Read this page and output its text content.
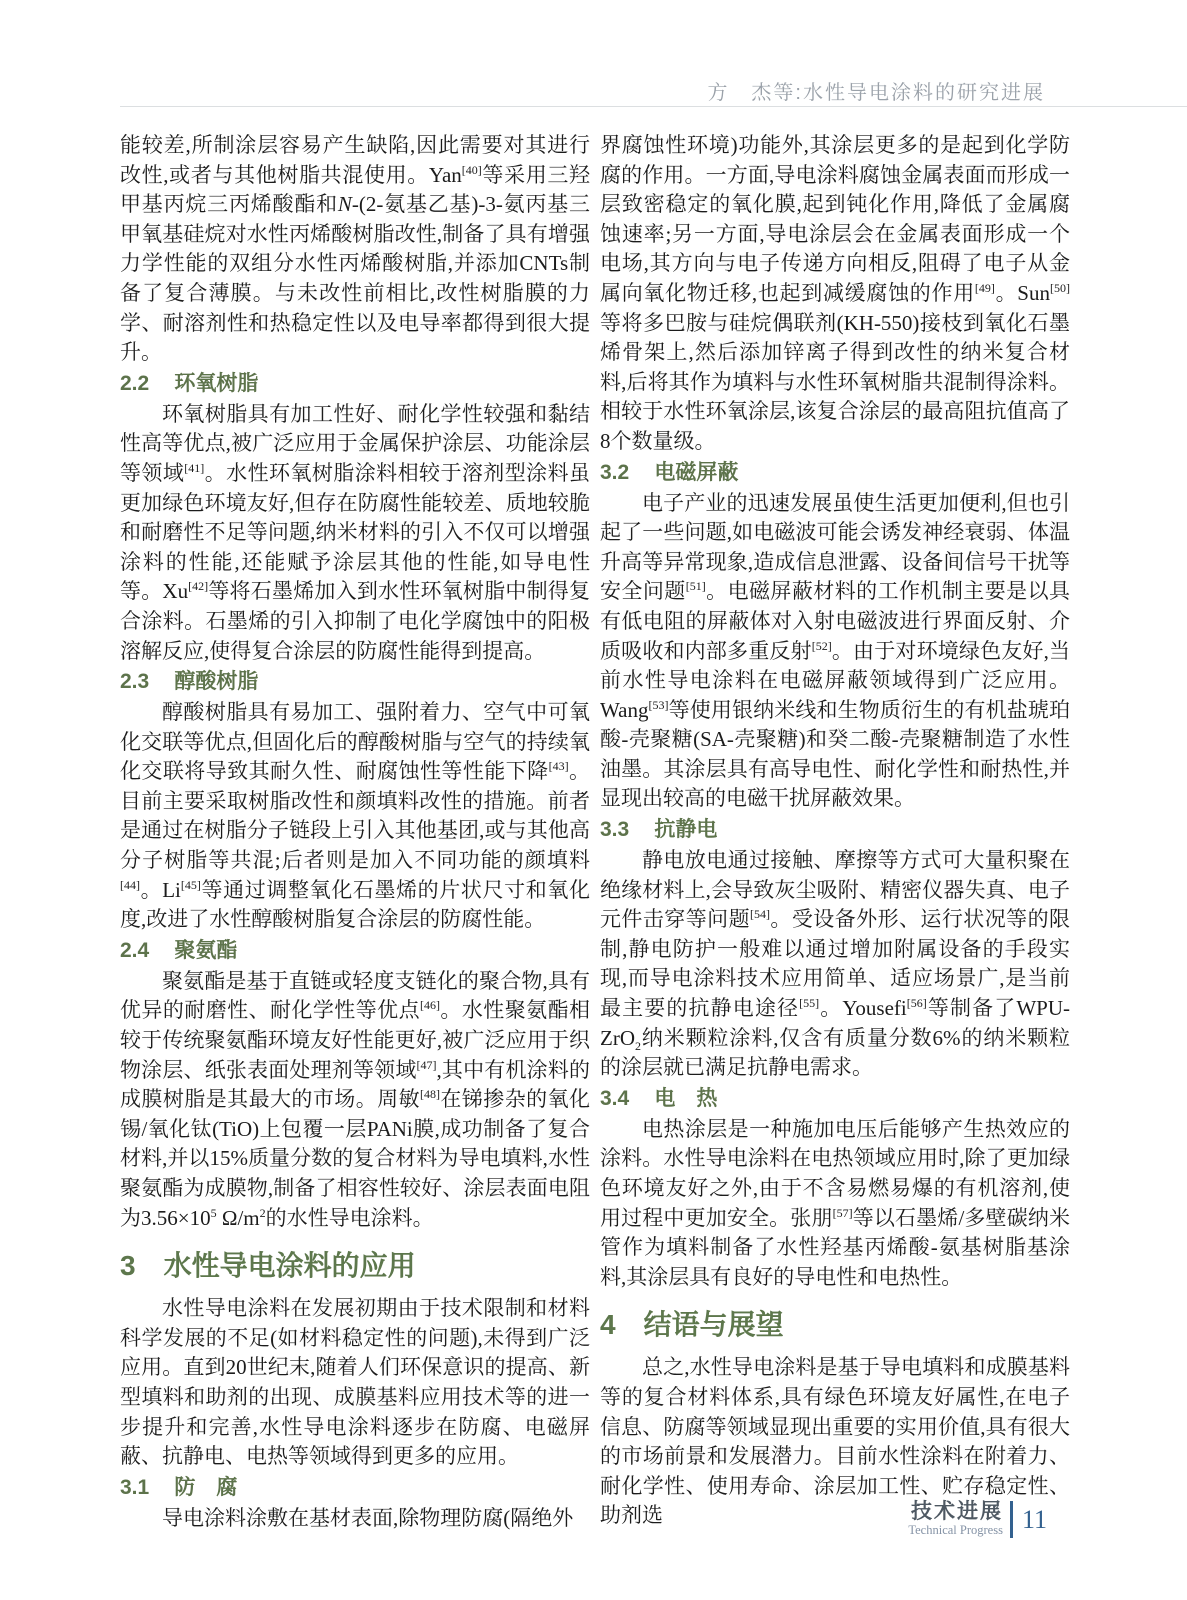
方　杰等:水性导电涂料的研究进展

能较差,所制涂层容易产生缺陷,因此需要对其进行改性,或者与其他树脂共混使用。Yan[40]等采用三羟甲基丙烷三丙烯酸酯和N-(2-氨基乙基)-3-氨丙基三甲氧基硅烷对水性丙烯酸树脂改性,制备了具有增强力学性能的双组分水性丙烯酸树脂,并添加CNTs制备了复合薄膜。与未改性前相比,改性树脂膜的力学、耐溶剂性和热稳定性以及电导率都得到很大提升。

2.2 环氧树脂

环氧树脂具有加工性好、耐化学性较强和黏结性高等优点,被广泛应用于金属保护涂层、功能涂层等领域[41]。水性环氧树脂涂料相较于溶剂型涂料虽更加绿色环境友好,但存在防腐性能较差、质地较脆和耐磨性不足等问题,纳米材料的引入不仅可以增强涂料的性能,还能赋予涂层其他的性能,如导电性等。Xu[42]等将石墨烯加入到水性环氧树脂中制得复合涂料。石墨烯的引入抑制了电化学腐蚀中的阳极溶解反应,使得复合涂层的防腐性能得到提高。

2.3 醇酸树脂

醇酸树脂具有易加工、强附着力、空气中可氧化交联等优点,但固化后的醇酸树脂与空气的持续氧化交联将导致其耐久性、耐腐蚀性等性能下降[43]。目前主要采取树脂改性和颜填料改性的措施。前者是通过在树脂分子链段上引入其他基团,或与其他高分子树脂等共混;后者则是加入不同功能的颜填料[44]。Li[45]等通过调整氧化石墨烯的片状尺寸和氧化度,改进了水性醇酸树脂复合涂层的防腐性能。

2.4 聚氨酯

聚氨酯是基于直链或轻度支链化的聚合物,具有优异的耐磨性、耐化学性等优点[46]。水性聚氨酯相较于传统聚氨酯环境友好性能更好,被广泛应用于织物涂层、纸张表面处理剂等领域[47],其中有机涂料的成膜树脂是其最大的市场。周敏[48]在锑掺杂的氧化锡/氧化钛(TiO)上包覆一层PANi膜,成功制备了复合材料,并以15%质量分数的复合材料为导电填料,水性聚氨酯为成膜物,制备了相容性较好、涂层表面电阻为$3.56\times 10^5$ $\Omega/m^2$的水性导电涂料。

3 水性导电涂料的应用

水性导电涂料在发展初期由于技术限制和材料科学发展的不足(如材料稳定性的问题),未得到广泛应用。直到20世纪末,随着人们环保意识的提高、新型填料和助剂的出现、成膜基料应用技术等的进一步提升和完善,水性导电涂料逐步在防腐、电磁屏蔽、抗静电、电热等领域得到更多的应用。

3.1 防　腐

导电涂料涂敷在基材表面,除物理防腐(隔绝外

界腐蚀性环境)功能外,其涂层更多的是起到化学防腐的作用。一方面,导电涂料腐蚀金属表面而形成一层致密稳定的氧化膜,起到钝化作用,降低了金属腐蚀速率;另一方面,导电涂层会在金属表面形成一个电场,其方向与电子传递方向相反,阻碍了电子从金属向氧化物迁移,也起到减缓腐蚀的作用[49]。Sun[50]等将多巴胺与硅烷偶联剂(KH-550)接枝到氧化石墨烯骨架上,然后添加锌离子得到改性的纳米复合材料,后将其作为填料与水性环氧树脂共混制得涂料。相较于水性环氧涂层,该复合涂层的最高阻抗值高了8个数量级。

3.2 电磁屏蔽

电子产业的迅速发展虽使生活更加便利,但也引起了一些问题,如电磁波可能会诱发神经衰弱、体温升高等异常现象,造成信息泄露、设备间信号干扰等安全问题[51]。电磁屏蔽材料的工作机制主要是以具有低电阻的屏蔽体对入射电磁波进行界面反射、介质吸收和内部多重反射[52]。由于对环境绿色友好,当前水性导电涂料在电磁屏蔽领域得到广泛应用。Wang[53]等使用银纳米线和生物质衍生的有机盐琥珀酸-壳聚糖(SA-壳聚糖)和癸二酸-壳聚糖制造了水性油墨。其涂层具有高导电性、耐化学性和耐热性,并显现出较高的电磁干扰屏蔽效果。

3.3 抗静电

静电放电通过接触、摩擦等方式可大量积聚在绝缘材料上,会导致灰尘吸附、精密仪器失真、电子元件击穿等问题[54]。受设备外形、运行状况等的限制,静电防护一般难以通过增加附属设备的手段实现,而导电涂料技术应用简单、适应场景广,是当前最主要的抗静电途径[55]。Yousefi[56]等制备了WPU-ZrO$_2$纳米颗粒涂料,仅含有质量分数6%的纳米颗粒的涂层就已满足抗静电需求。

3.4 电　热

电热涂层是一种施加电压后能够产生热效应的涂料。水性导电涂料在电热领域应用时,除了更加绿色环境友好之外,由于不含易燃易爆的有机溶剂,使用过程中更加安全。张朋[57]等以石墨烯/多壁碳纳米管作为填料制备了水性羟基丙烯酸-氨基树脂基涂料,其涂层具有良好的导电性和电热性。

4 结语与展望

总之,水性导电涂料是基于导电填料和成膜基料等的复合材料体系,具有绿色环境友好属性,在电子信息、防腐等领域显现出重要的实用价值,具有很大的市场前景和发展潜力。目前水性涂料在附着力、耐化学性、使用寿命、涂层加工性、贮存稳定性、助剂选	技术进展
Technical Progress 11
